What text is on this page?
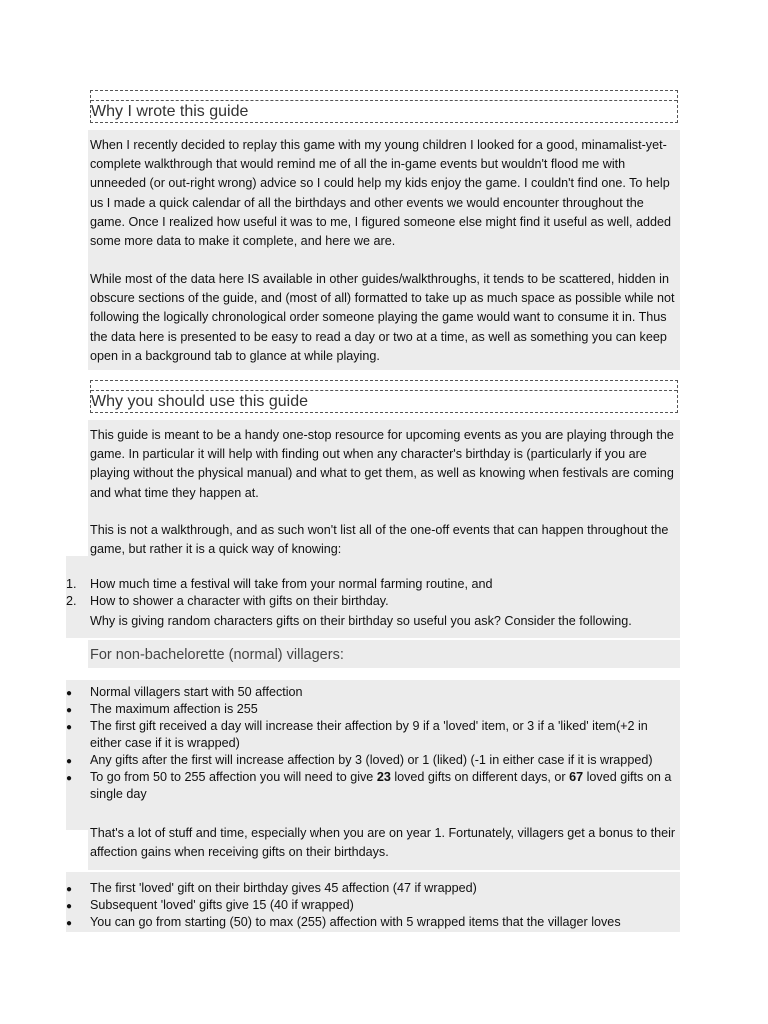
Why I wrote this guide

When I recently decided to replay this game with my young children I looked for a good, minamalist-yet-complete walkthrough that would remind me of all the in-game events but wouldn't flood me with unneeded (or out-right wrong) advice so I could help my kids enjoy the game. I couldn't find one. To help us I made a quick calendar of all the birthdays and other events we would encounter throughout the game. Once I realized how useful it was to me, I figured someone else might find it useful as well, added some more data to make it complete, and here we are.

While most of the data here IS available in other guides/walkthroughs, it tends to be scattered, hidden in obscure sections of the guide, and (most of all) formatted to take up as much space as possible while not following the logically chronological order someone playing the game would want to consume it in. Thus the data here is presented to be easy to read a day or two at a time, as well as something you can keep open in a background tab to glance at while playing.

Why you should use this guide

This guide is meant to be a handy one-stop resource for upcoming events as you are playing through the game. In particular it will help with finding out when any character's birthday is (particularly if you are playing without the physical manual) and what to get them, as well as knowing when festivals are coming and what time they happen at.

This is not a walkthrough, and as such won't list all of the one-off events that can happen throughout the game, but rather it is a quick way of knowing:

1.	How much time a festival will take from your normal farming routine, and
2.	How to shower a character with gifts on their birthday.

Why is giving random characters gifts on their birthday so useful you ask? Consider the following.

For non-bachelorette (normal) villagers:

●	Normal villagers start with 50 affection
●	The maximum affection is 255
●	The first gift received a day will increase their affection by 9 if a 'loved' item, or 3 if a 'liked' item(+2 in either case if it is wrapped)
●	Any gifts after the first will increase affection by 3 (loved) or 1 (liked) (-1 in either case if it is wrapped)
●	To go from 50 to 255 affection you will need to give 23 loved gifts on different days, or 67 loved gifts on a single day

That's a lot of stuff and time, especially when you are on year 1. Fortunately, villagers get a bonus to their affection gains when receiving gifts on their birthdays.

●	The first 'loved' gift on their birthday gives 45 affection (47 if wrapped)
●	Subsequent 'loved' gifts give 15 (40 if wrapped)
●	You can go from starting (50) to max (255) affection with 5 wrapped items that the villager loves
